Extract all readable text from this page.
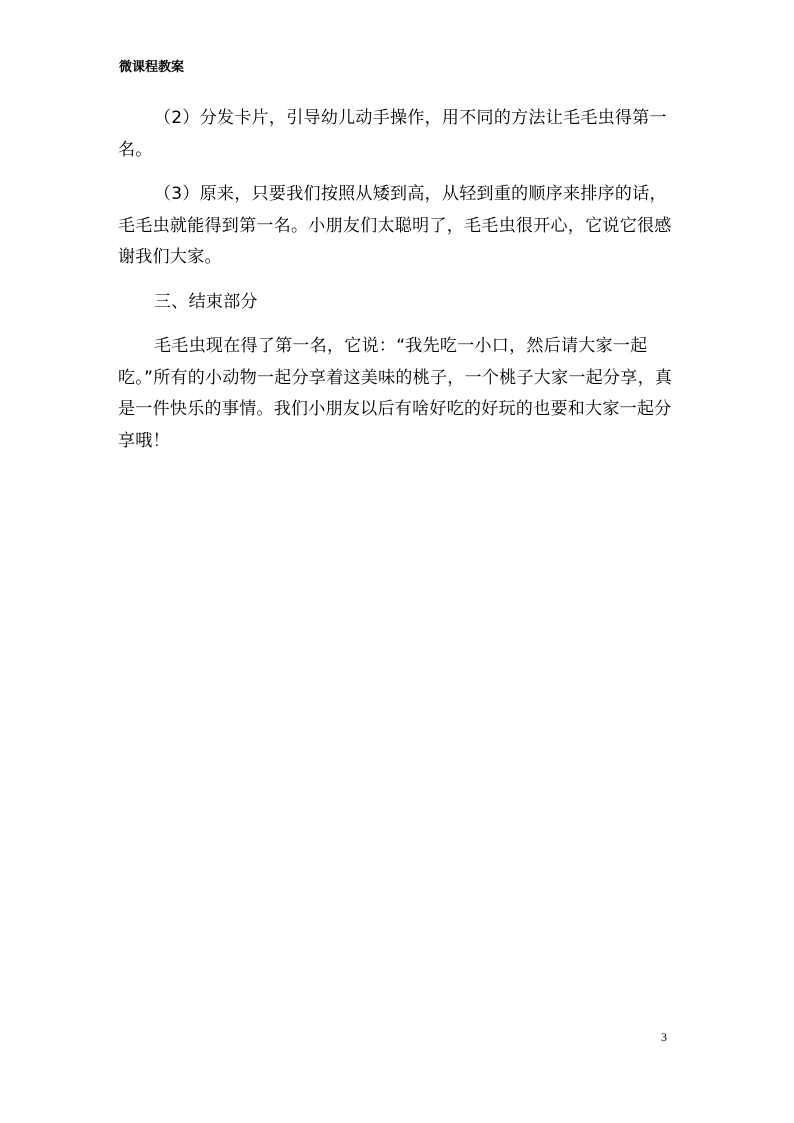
微课程教案

（2）分发卡片，引导幼儿动手操作，用不同的方法让毛毛虫得第一名。

（3）原来，只要我们按照从矮到高，从轻到重的顺序来排序的话，毛毛虫就能得到第一名。小朋友们太聪明了，毛毛虫很开心，它说它很感谢我们大家。

三、结束部分

毛毛虫现在得了第一名，它说：“我先吃一小口，然后请大家一起吃。”所有的小动物一起分享着这美味的桃子，一个桃子大家一起分享，真是一件快乐的事情。我们小朋友以后有啥好吃的好玩的也要和大家一起分享哦！

3
